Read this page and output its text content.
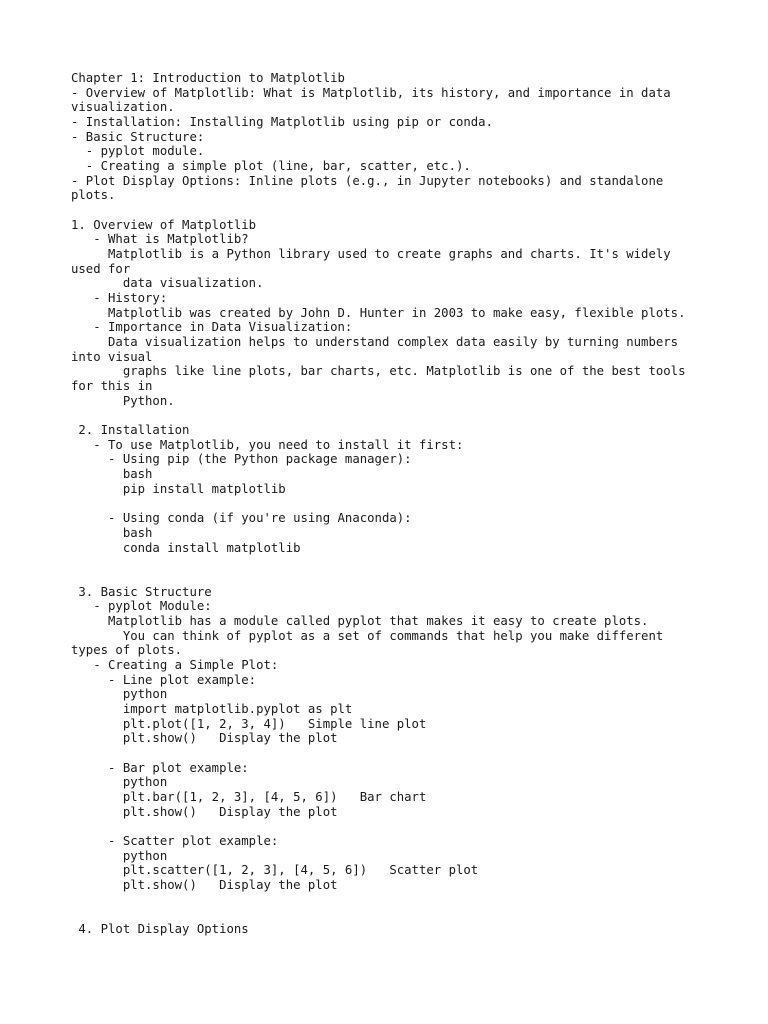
Chapter 1: Introduction to Matplotlib
- Overview of Matplotlib: What is Matplotlib, its history, and importance in data
visualization.
- Installation: Installing Matplotlib using pip or conda.
- Basic Structure:
- pyplot module.
- Creating a simple plot (line, bar, scatter, etc.).
- Plot Display Options: Inline plots (e.g., in Jupyter notebooks) and standalone
plots.
1. Overview of Matplotlib
- What is Matplotlib?
Matplotlib is a Python library used to create graphs and charts. It's widely
used for
data visualization.
- History:
Matplotlib was created by John D. Hunter in 2003 to make easy, flexible plots.
- Importance in Data Visualization:
Data visualization helps to understand complex data easily by turning numbers
into visual
graphs like line plots, bar charts, etc. Matplotlib is one of the best tools
for this in
Python.
2. Installation
- To use Matplotlib, you need to install it first:
- Using pip (the Python package manager):
bash
pip install matplotlib
- Using conda (if you're using Anaconda):
bash
conda install matplotlib
3. Basic Structure
- pyplot Module:
Matplotlib has a module called pyplot that makes it easy to create plots.
You can think of pyplot as a set of commands that help you make different
types of plots.
- Creating a Simple Plot:
- Line plot example:
python
import matplotlib.pyplot as plt
plt.plot([1, 2, 3, 4])   Simple line plot
plt.show()   Display the plot
- Bar plot example:
python
plt.bar([1, 2, 3], [4, 5, 6])   Bar chart
plt.show()   Display the plot
- Scatter plot example:
python
plt.scatter([1, 2, 3], [4, 5, 6])   Scatter plot
plt.show()   Display the plot
4. Plot Display Options
